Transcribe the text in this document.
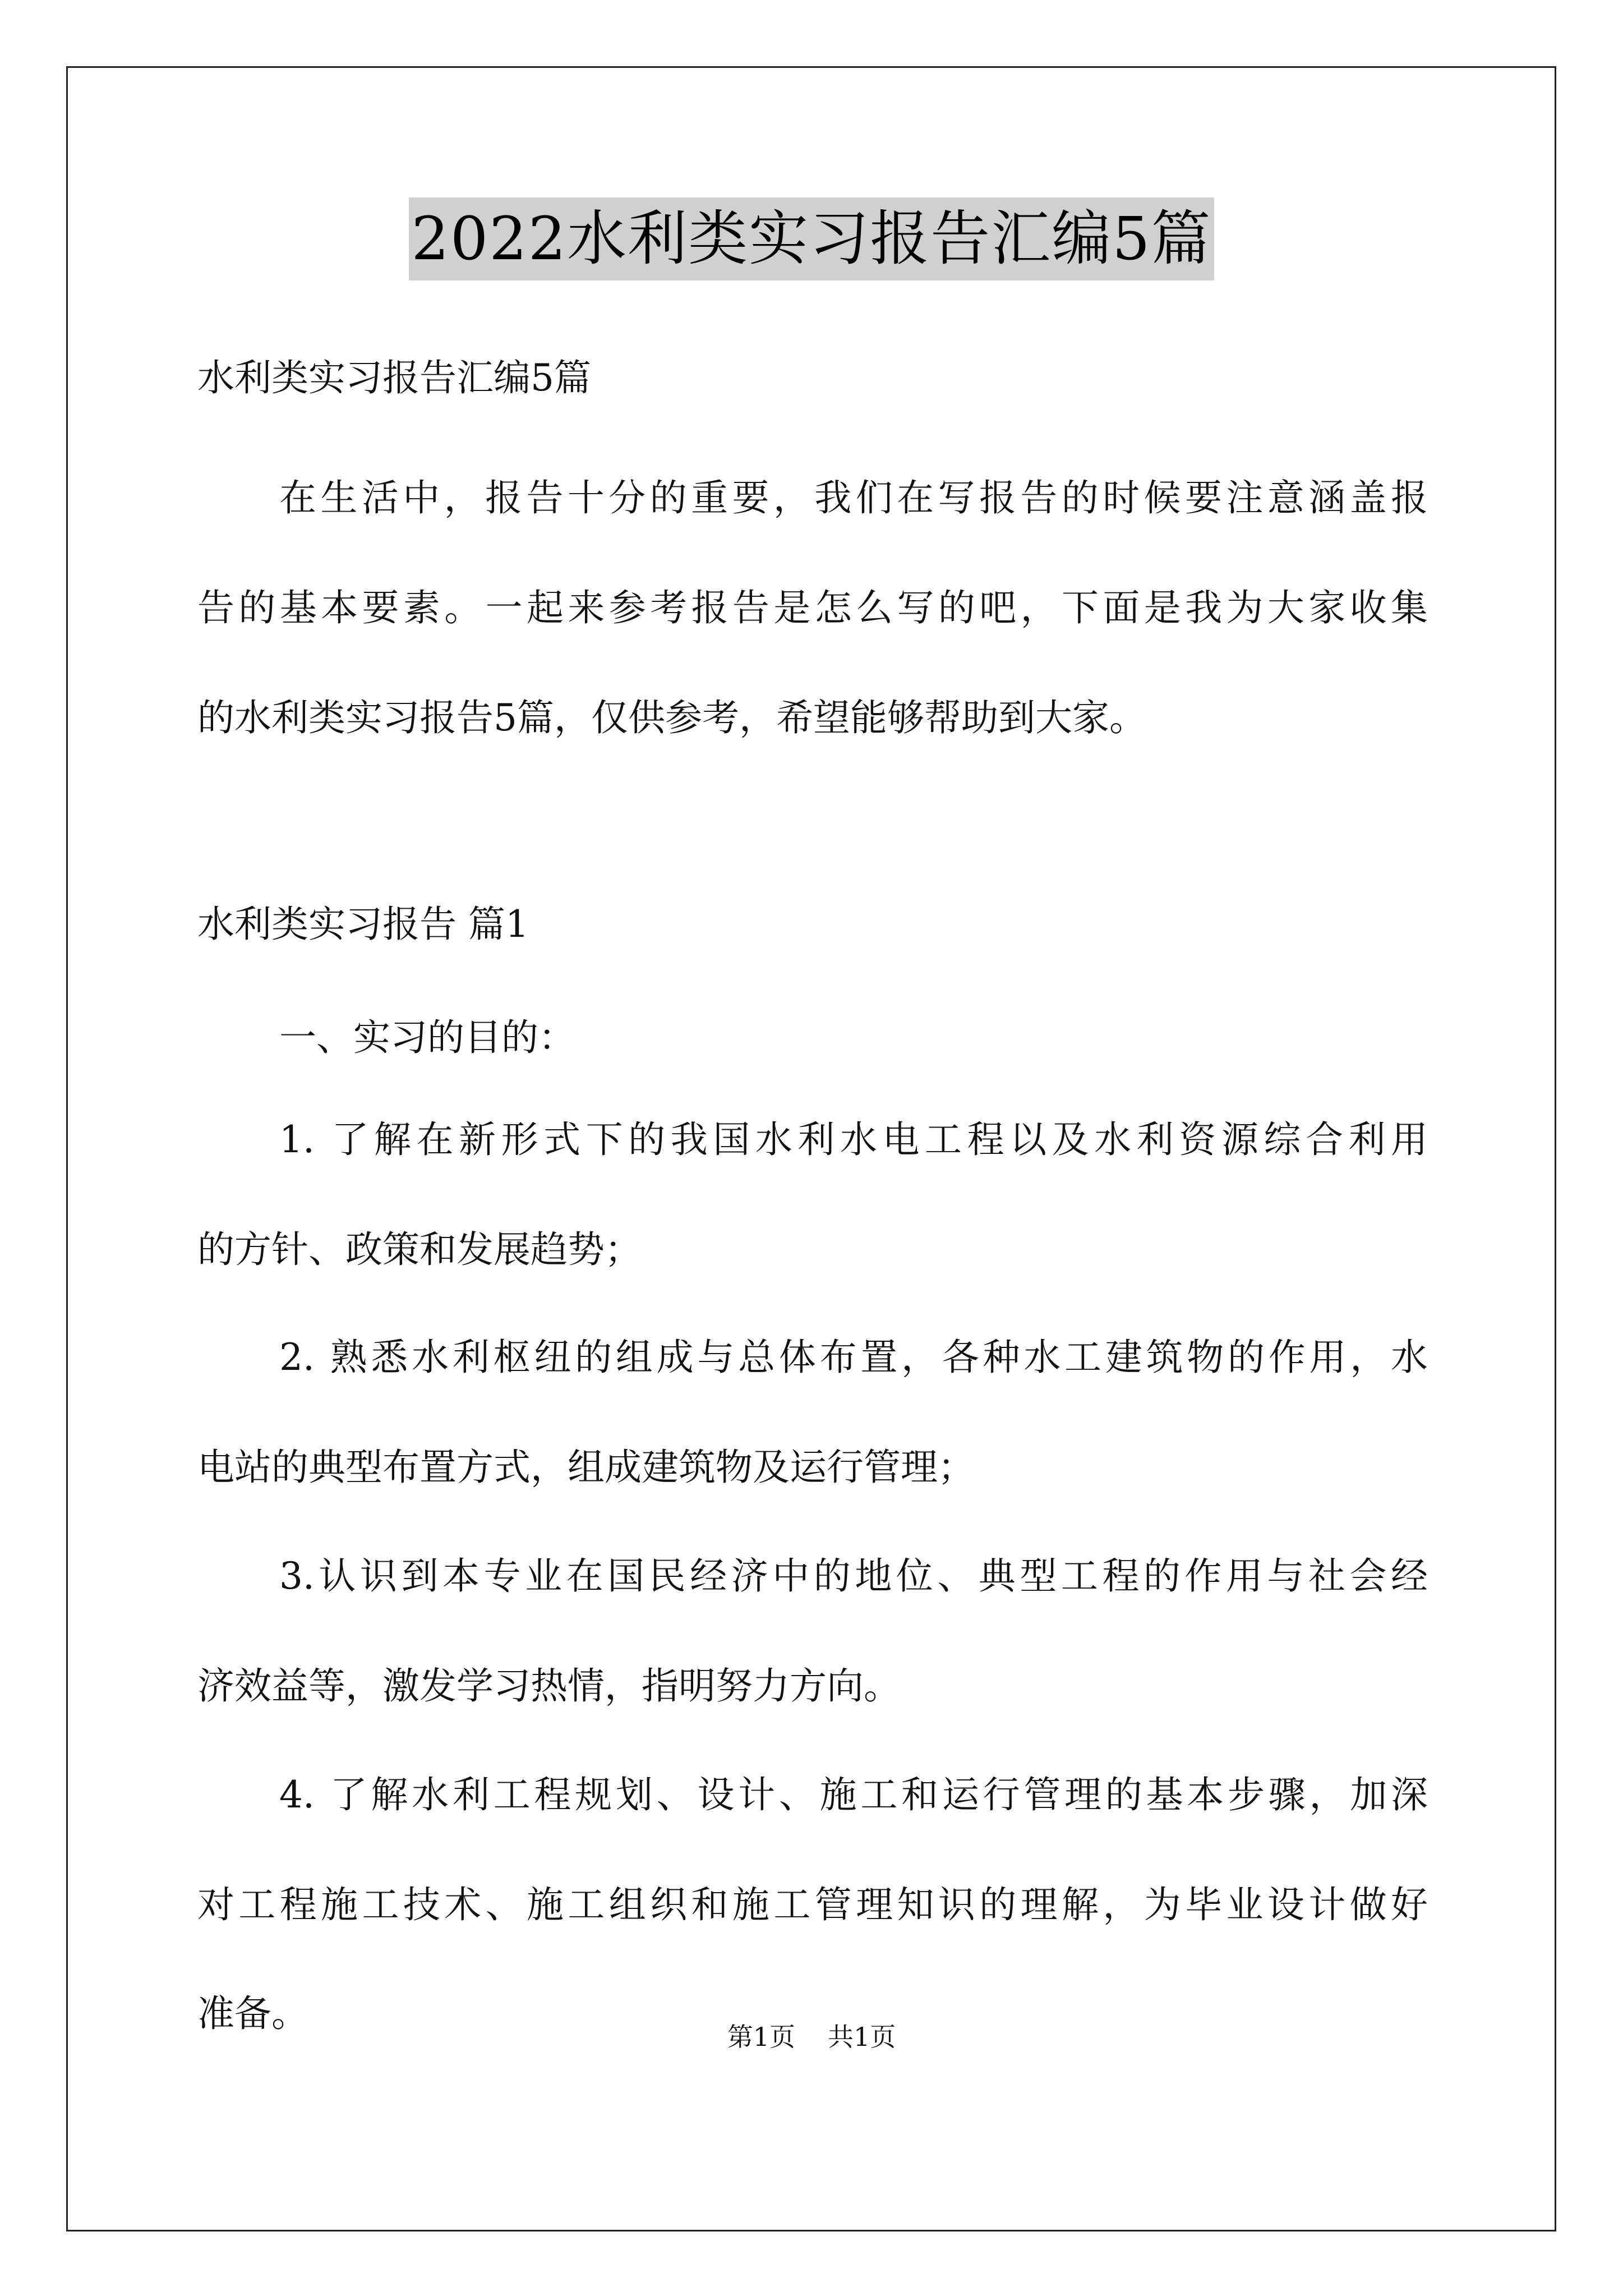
2022水利类实习报告汇编5篇
水利类实习报告汇编5篇
在生活中，报告十分的重要，我们在写报告的时候要注意涵盖报
告的基本要素。一起来参考报告是怎么写的吧，下面是我为大家收集
的水利类实习报告5篇，仅供参考，希望能够帮助到大家。
水利类实习报告 篇1
一、实习的目的：
1. 了解在新形式下的我国水利水电工程以及水利资源综合利用
的方针、政策和发展趋势；
2. 熟悉水利枢纽的组成与总体布置，各种水工建筑物的作用，水
电站的典型布置方式，组成建筑物及运行管理；
3.认识到本专业在国民经济中的地位、典型工程的作用与社会经
济效益等，激发学习热情，指明努力方向。
4. 了解水利工程规划、设计、施工和运行管理的基本步骤，加深
对工程施工技术、施工组织和施工管理知识的理解，为毕业设计做好
准备。
第1页 共1页
